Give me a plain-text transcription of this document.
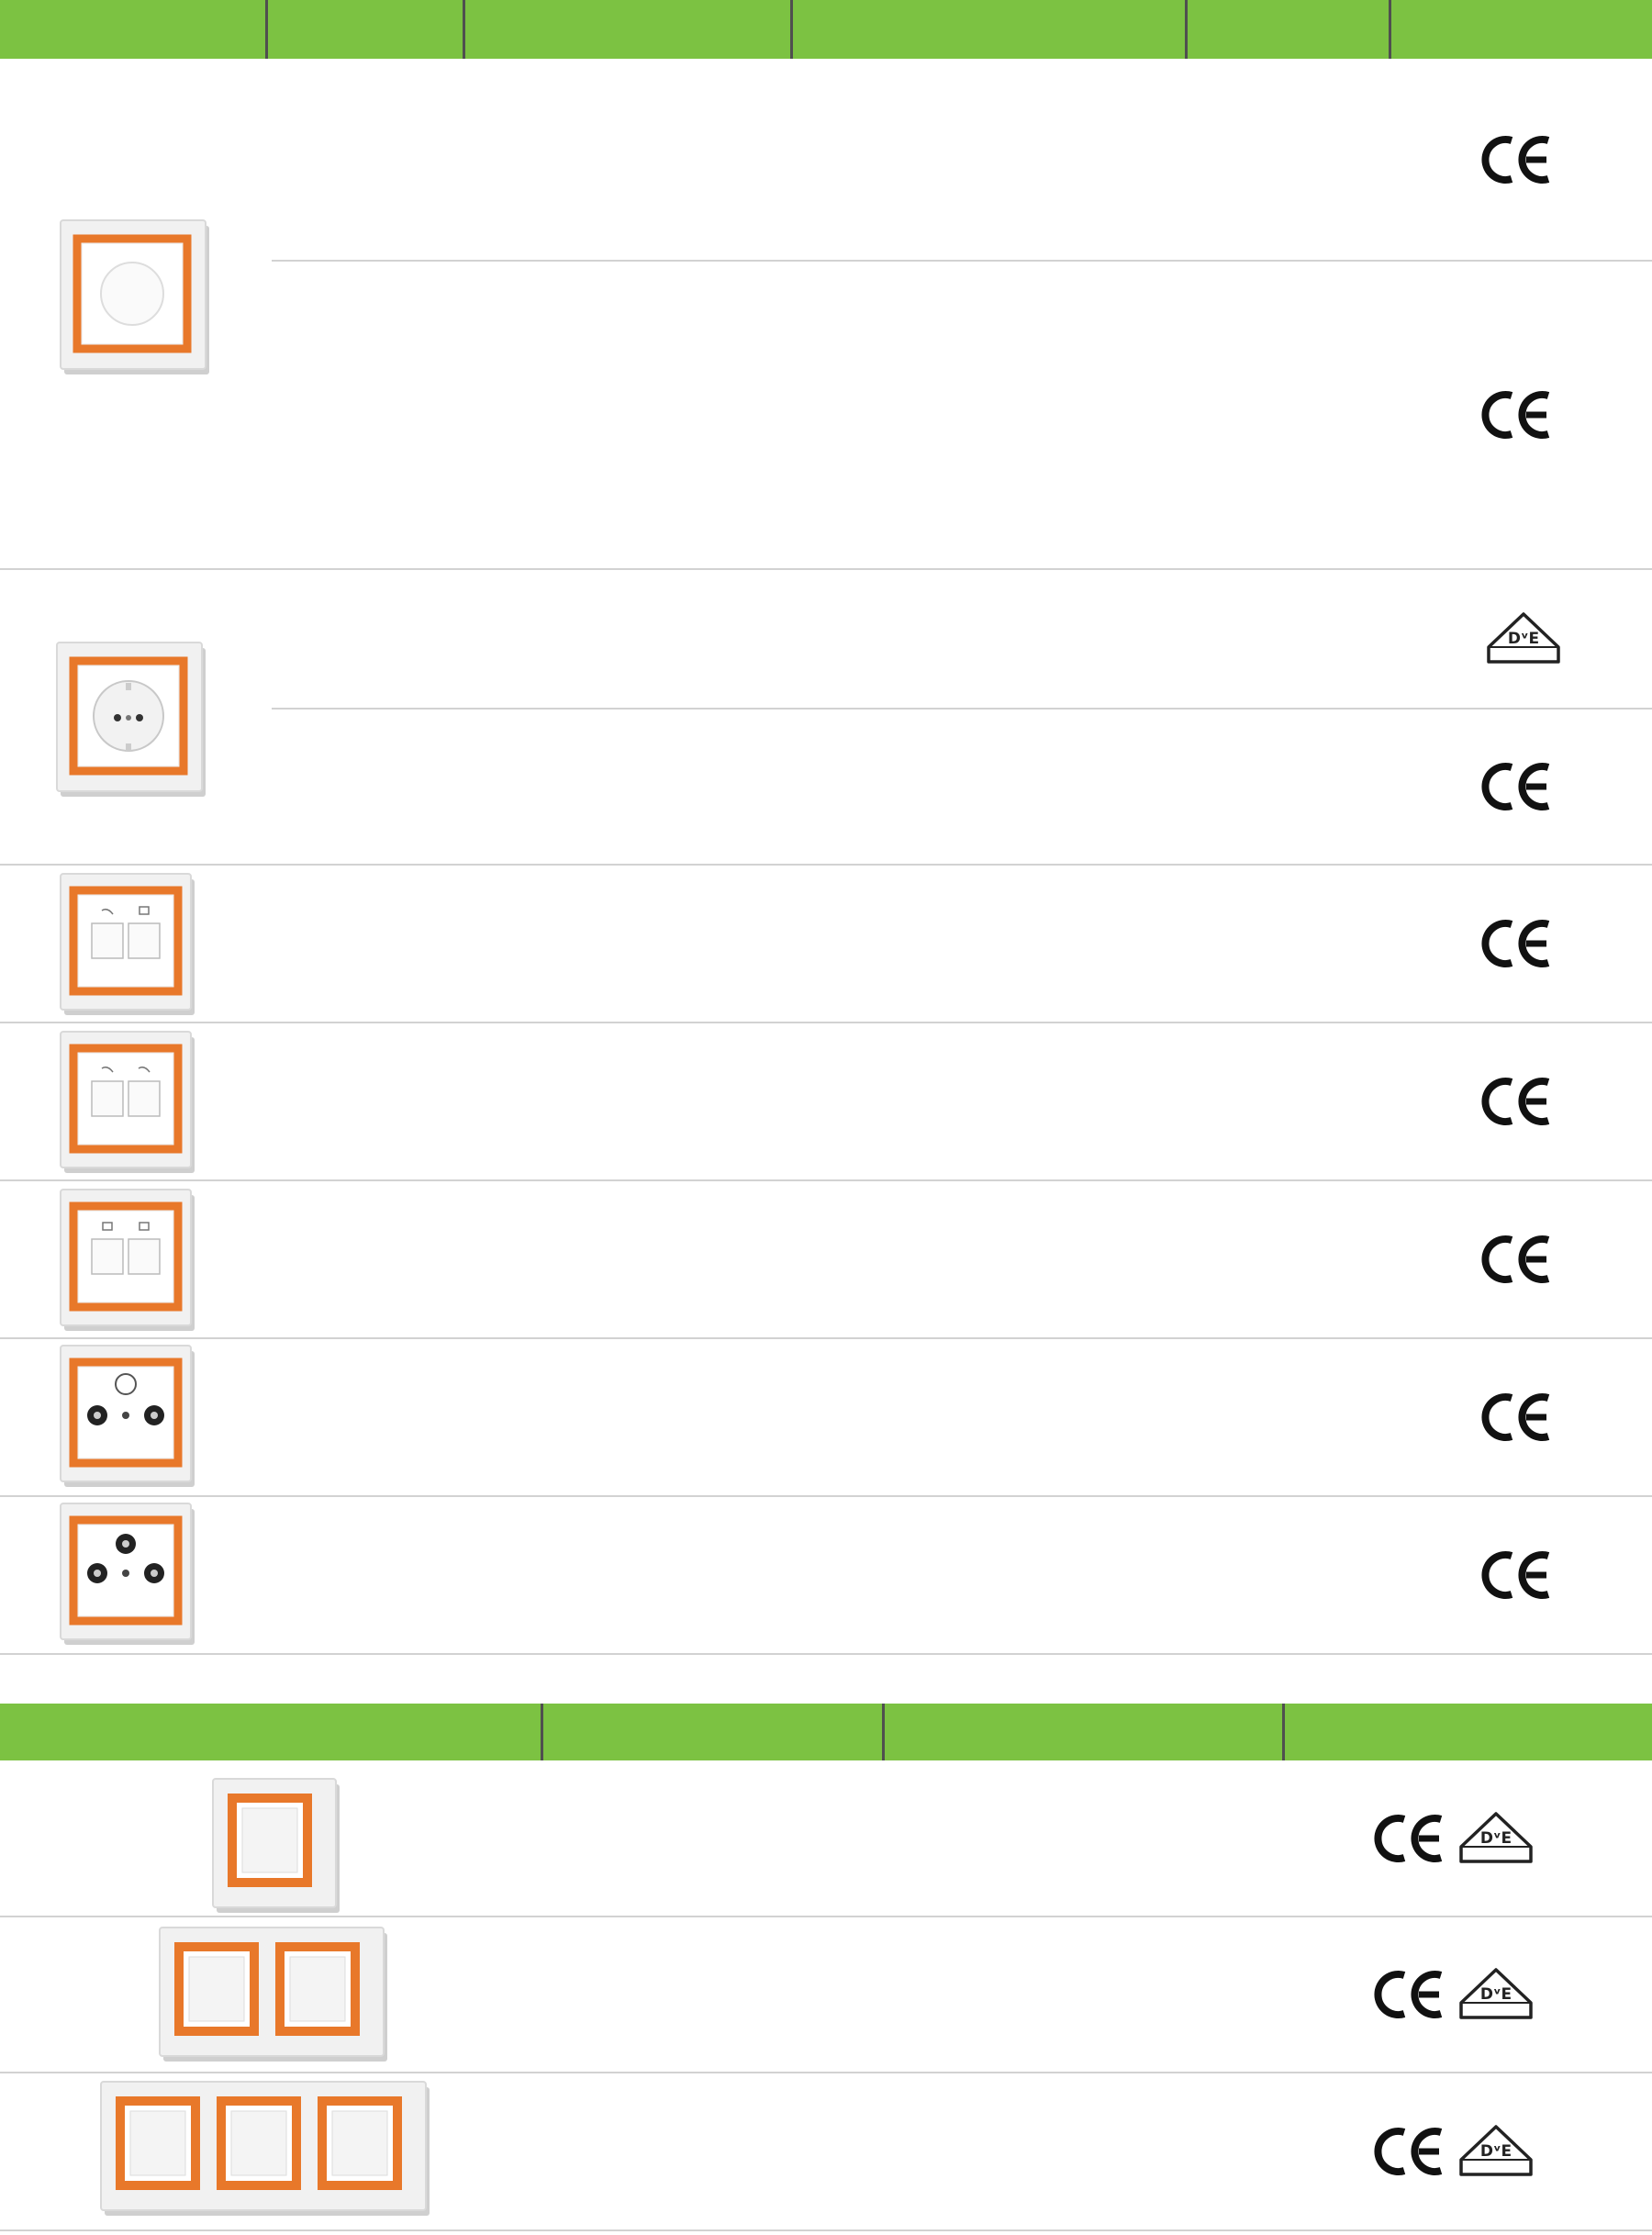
DᵛE
DᵛE
DᵛE
DᵛE
